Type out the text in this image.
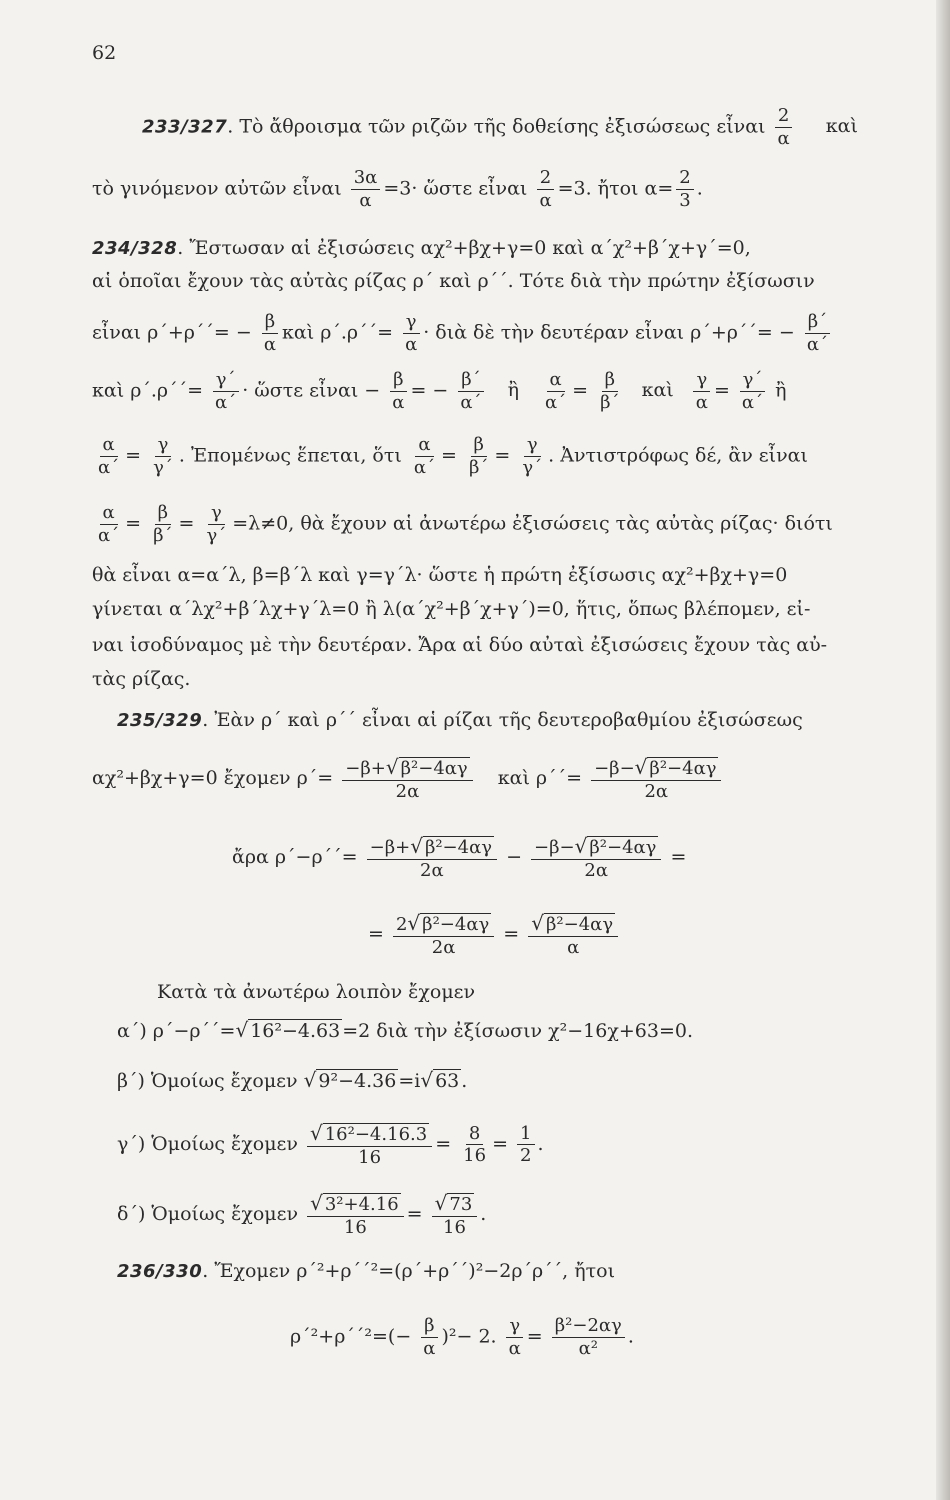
62
233/327. Τὸ ἄθροισμα τῶν ριζῶν τῆς δοθείσης ἐξισώσεως εἶναι $\frac{2}{\alpha}$ καὶ
τὸ γινόμενον αὐτῶν εἶναι $\frac{3\alpha}{\alpha} =3\cdot$ ὥστε εἶναι $\frac{2}{\alpha} =3$. ἤτοι $\alpha= \frac{2}{3}$ .
234/328. Ἔστωσαν αἱ ἐξισώσεις αχ²+βχ+γ=0 καὶ α΄χ²+β΄χ+γ΄=0,
αἱ ὁποῖαι ἔχουν τὰς αὐτὰς ρίζας ρ΄ καὶ ρ΄΄. Τότε διὰ τὴν πρώτην ἐξίσωσιν
εἶναι $\rho΄+\rho΄΄= - \frac{\beta}{\alpha}$ καὶ $\rho΄.\rho΄΄= \frac{\gamma}{\alpha}$ · διὰ δὲ τὴν δευτέραν εἶναι $\rho΄+\rho΄΄= - \frac{\beta΄}{\alpha΄}$
καὶ $\rho΄.\rho΄΄= \frac{\gamma΄}{\alpha΄}$ · ὥστε εἶναι − $\frac{\beta}{\alpha}$ = − $\frac{\beta΄}{\alpha΄}$ ἢ $\frac{\alpha}{\alpha΄} = \frac{\beta}{\beta΄}$ καὶ $\frac{\gamma}{\alpha} = \frac{\gamma΄}{\alpha΄}$ ἢ
$\frac{\alpha}{\alpha΄} = \frac{\gamma}{\gamma΄}$ . Ἐπομένως ἕπεται, ὅτι $\frac{\alpha}{\alpha΄} = \frac{\beta}{\beta΄} = \frac{\gamma}{\gamma΄}$ . Ἀντιστρόφως δέ, ἂν εἶναι
$\frac{\alpha}{\alpha΄} = \frac{\beta}{\beta΄} = \frac{\gamma}{\gamma΄} =\lambda\ne 0$, θὰ ἔχουν αἱ ἀνωτέρω ἐξισώσεις τὰς αὐτὰς ρίζας· διότι
θὰ εἶναι α=α΄λ, β=β΄λ καὶ γ=γ΄λ· ὥστε ἡ πρώτη ἐξίσωσις αχ²+βχ+γ=0
γίνεται α΄λχ²+β΄λχ+γ΄λ=0 ἢ λ(α΄χ²+β΄χ+γ΄)=0, ἥτις, ὅπως βλέπομεν, εἰ-
ναι ἰσοδύναμος μὲ τὴν δευτέραν. Ἄρα αἱ δύο αὐταὶ ἐξισώσεις ἔχουν τὰς αὐ-
τὰς ρίζας.
235/329. Ἐὰν ρ΄ καὶ ρ΄΄ εἶναι αἱ ρίζαι τῆς δευτεροβαθμίου ἐξισώσεως
αχ²+βχ+γ=0 ἔχομεν $\rho΄= \frac{\text{−β+√ β²−4αγ}}{2\alpha}$ καὶ $\rho΄΄= \frac{\text{−β−√ β²−4αγ}}{2\alpha}$
ἄρα $\rho΄-\rho΄΄= \frac{\text{−β+√ β²−4αγ}}{2\alpha} - \frac{\text{−β−√ β²−4αγ}}{2\alpha}$ =
= $\frac{\text{2√ β²−4αγ}}{2\alpha} = \frac{\text{√ β²−4αγ}}{\alpha}$
Κατὰ τὰ ἀνωτέρω λοιπὸν ἔχομεν
α΄) ρ΄−ρ΄΄=√ 16²−4.63 =2 διὰ τὴν ἐξίσωσιν χ²−16χ+63=0.
β΄) Ὁμοίως ἔχομεν √ 9²−4.36 =i√ 63 .
γ΄) Ὁμοίως ἔχομεν $\frac{\text{√ 16²−4.16.3}}{16} = \frac{8}{16} = \frac{1}{2}$ .
δ΄) Ὁμοίως ἔχομεν $\frac{\text{√ 3²+4.16}}{16} = \frac{√ 73}{16}$ .
236/330. Ἔχομεν ρ΄²+ρ΄΄²=(ρ΄+ρ΄΄)²−2ρ΄ρ΄΄, ἤτοι
$\rho΄^2+\rho΄΄^2=(- \frac{\beta}{\alpha} )^2- 2$. $\frac{\gamma}{\alpha} = \frac{\text{β²−2αγ}}{\text{α²}}$ .
